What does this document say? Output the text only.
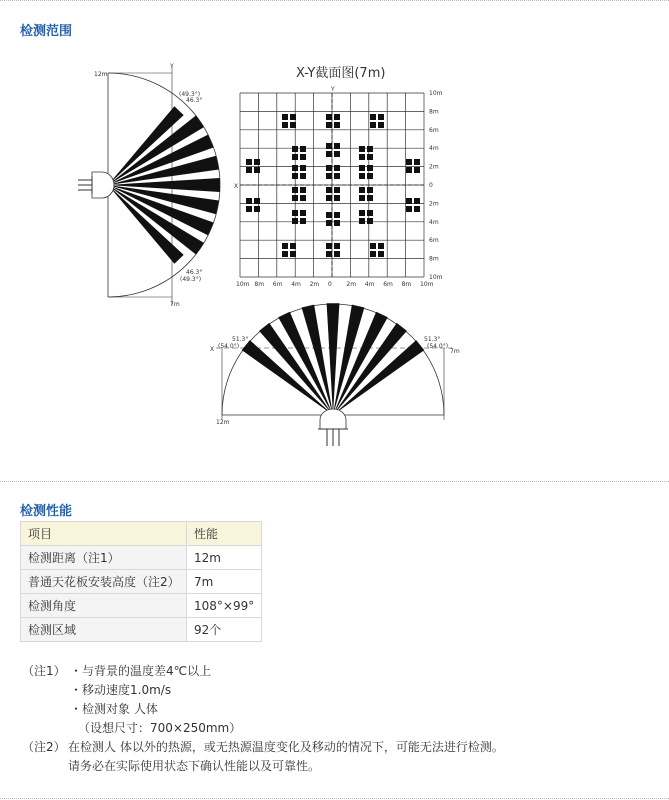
检测范围
12m
7m
Y
(49.3°)
46.3°
46.3°
(49.3°)
X-Y截面图(7m)
Y
X
10m
8m
6m
4m
2m
0
2m
4m
6m
8m
10m
10m 8m 6m 4m 2m 0 2m 4m 6m 8m 10m
12m
7m
X
51.3°
(54.0°)
51.3°
(54.0°)
检测性能
项目	性能
检测距离（注1）	12m
普通天花板安装高度（注2）	7m
检测角度	108°×99°
检测区域	92个
（注1） ・与背景的温度差4℃以上
・移动速度1.0m/s
・检测对象 人体
（设想尺寸：700×250mm）
（注2） 在检测人 体以外的热源，或无热源温度变化及移动的情况下，可能无法进行检测。
请务必在实际使用状态下确认性能以及可靠性。
